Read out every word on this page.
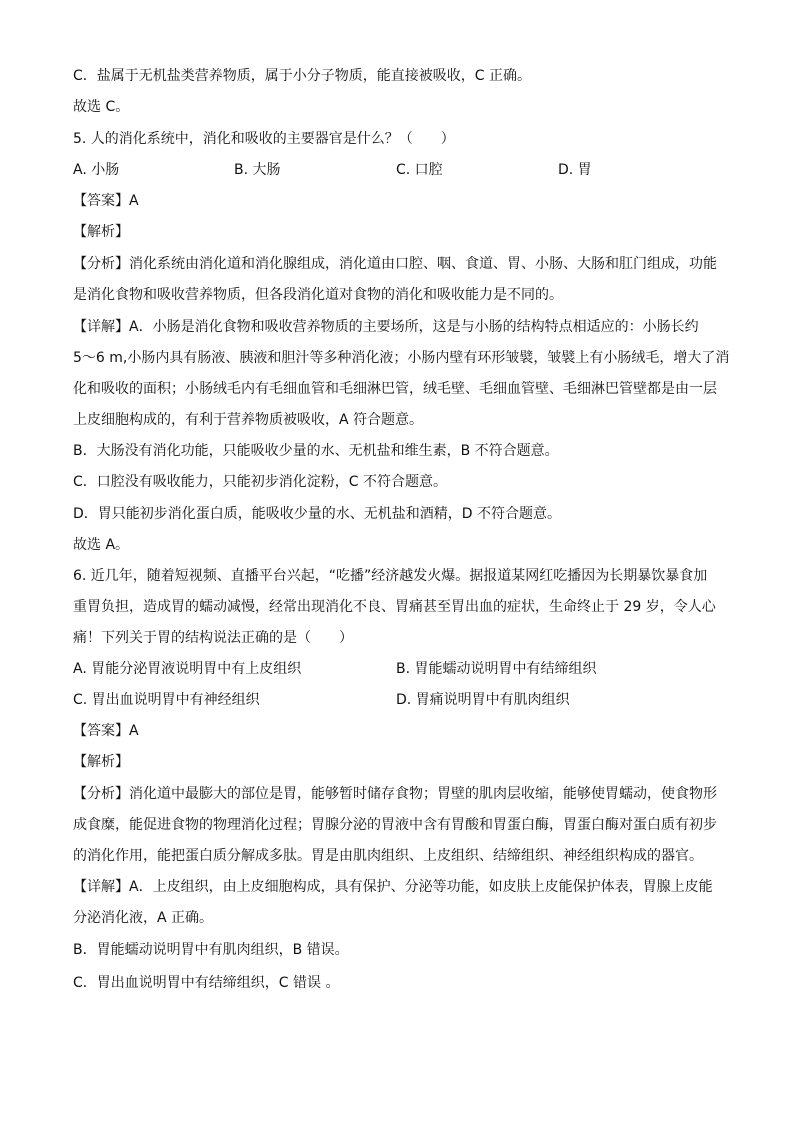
C．盐属于无机盐类营养物质，属于小分子物质，能直接被吸收，C 正确。
故选 C。
5. 人的消化系统中，消化和吸收的主要器官是什么？（　　）
A. 小肠	B. 大肠	C. 口腔	D. 胃
【答案】A
【解析】
【分析】消化系统由消化道和消化腺组成，消化道由口腔、咽、食道、胃、小肠、大肠和肛门组成，功能
是消化食物和吸收营养物质，但各段消化道对食物的消化和吸收能力是不同的。
【详解】A．小肠是消化食物和吸收营养物质的主要场所，这是与小肠的结构特点相适应的：小肠长约
5～6 m,小肠内具有肠液、胰液和胆汁等多种消化液；小肠内壁有环形皱襞，皱襞上有小肠绒毛，增大了消
化和吸收的面积；小肠绒毛内有毛细血管和毛细淋巴管，绒毛壁、毛细血管壁、毛细淋巴管壁都是由一层
上皮细胞构成的，有利于营养物质被吸收，A 符合题意。
B．大肠没有消化功能，只能吸收少量的水、无机盐和维生素，B 不符合题意。
C．口腔没有吸收能力，只能初步消化淀粉，C 不符合题意。
D．胃只能初步消化蛋白质，能吸收少量的水、无机盐和酒精，D 不符合题意。
故选 A。
6. 近几年，随着短视频、直播平台兴起，“吃播”经济越发火爆。据报道某网红吃播因为长期暴饮暴食加
重胃负担，造成胃的蠕动减慢，经常出现消化不良、胃痛甚至胃出血的症状，生命终止于 29 岁，令人心
痛！下列关于胃的结构说法正确的是（　　）
A. 胃能分泌胃液说明胃中有上皮组织	B. 胃能蠕动说明胃中有结缔组织
C. 胃出血说明胃中有神经组织	D. 胃痛说明胃中有肌肉组织
【答案】A
【解析】
【分析】消化道中最膨大的部位是胃，能够暂时储存食物；胃壁的肌肉层收缩，能够使胃蠕动，使食物形
成食糜，能促进食物的物理消化过程；胃腺分泌的胃液中含有胃酸和胃蛋白酶，胃蛋白酶对蛋白质有初步
的消化作用，能把蛋白质分解成多肽。胃是由肌肉组织、上皮组织、结缔组织、神经组织构成的器官。
【详解】A．上皮组织，由上皮细胞构成，具有保护、分泌等功能，如皮肤上皮能保护体表，胃腺上皮能
分泌消化液，A 正确。
B．胃能蠕动说明胃中有肌肉组织，B 错误。
C．胃出血说明胃中有结缔组织，C 错误 。
